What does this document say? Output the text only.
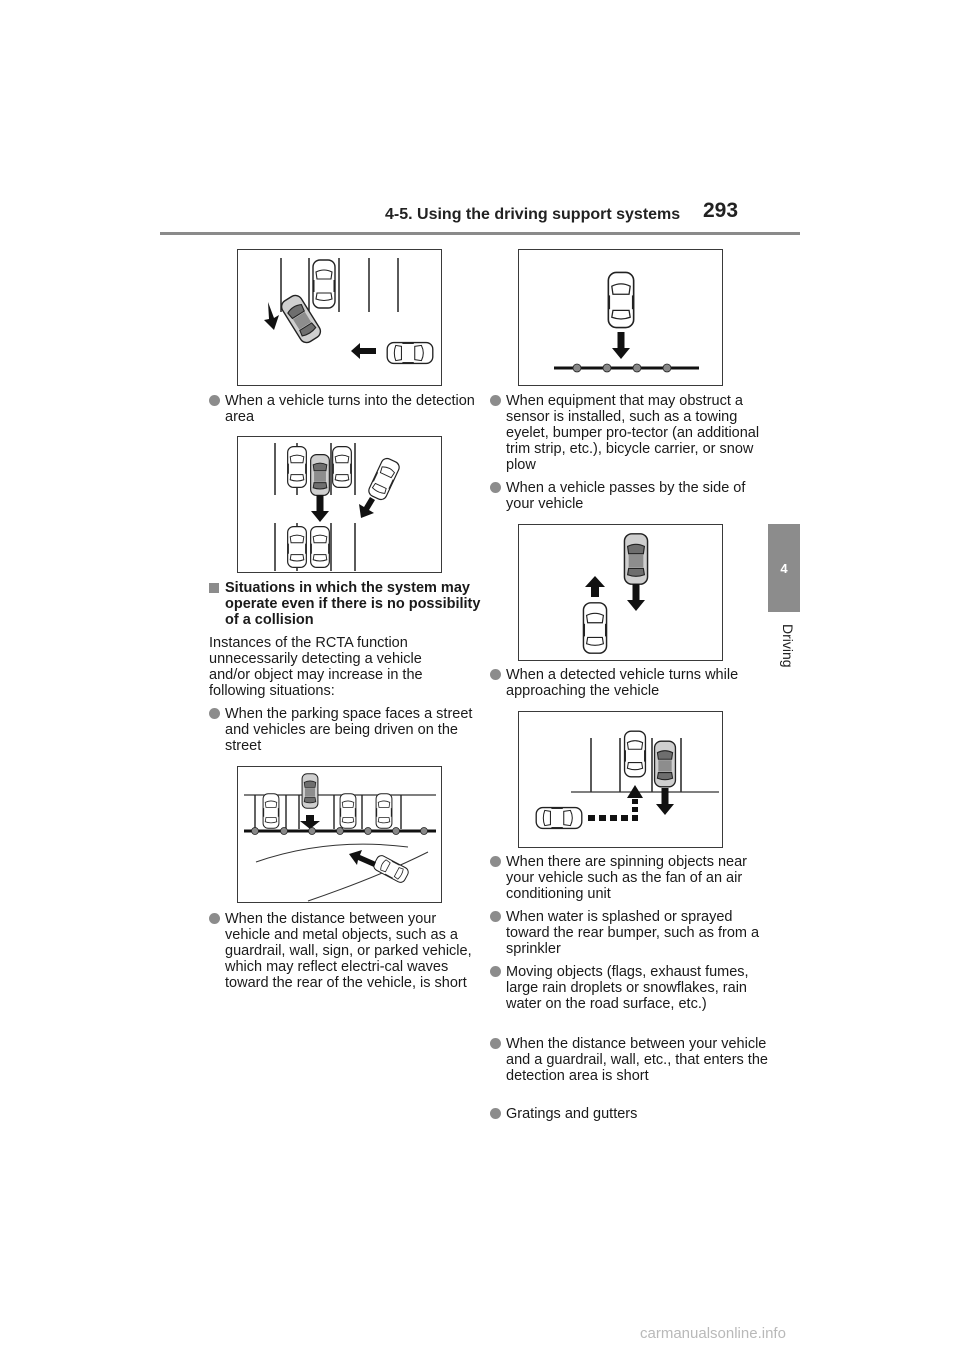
4-5. Using the driving support systems 293
4
Driving
When a vehicle turns into the detection area
Situations in which the system may operate even if there is no possibility of a collision
Instances of the RCTA function unnecessarily detecting a vehicle and/or object may increase in the following situations:
When the parking space faces a street and vehicles are being driven on the street
When the distance between your vehicle and metal objects, such as a guardrail, wall, sign, or parked vehicle, which may reflect electri-cal waves toward the rear of the vehicle, is short
When equipment that may obstruct a sensor is installed, such as a towing eyelet, bumper pro-tector (an additional trim strip, etc.), bicycle carrier, or snow plow
When a vehicle passes by the side of your vehicle
When a detected vehicle turns while approaching the vehicle
When there are spinning objects near your vehicle such as the fan of an air conditioning unit
When water is splashed or sprayed toward the rear bumper, such as from a sprinkler
Moving objects (flags, exhaust fumes, large rain droplets or snowflakes, rain water on the road surface, etc.)
When the distance between your vehicle and a guardrail, wall, etc., that enters the detection area is short
Gratings and gutters
carmanualsonline.info
